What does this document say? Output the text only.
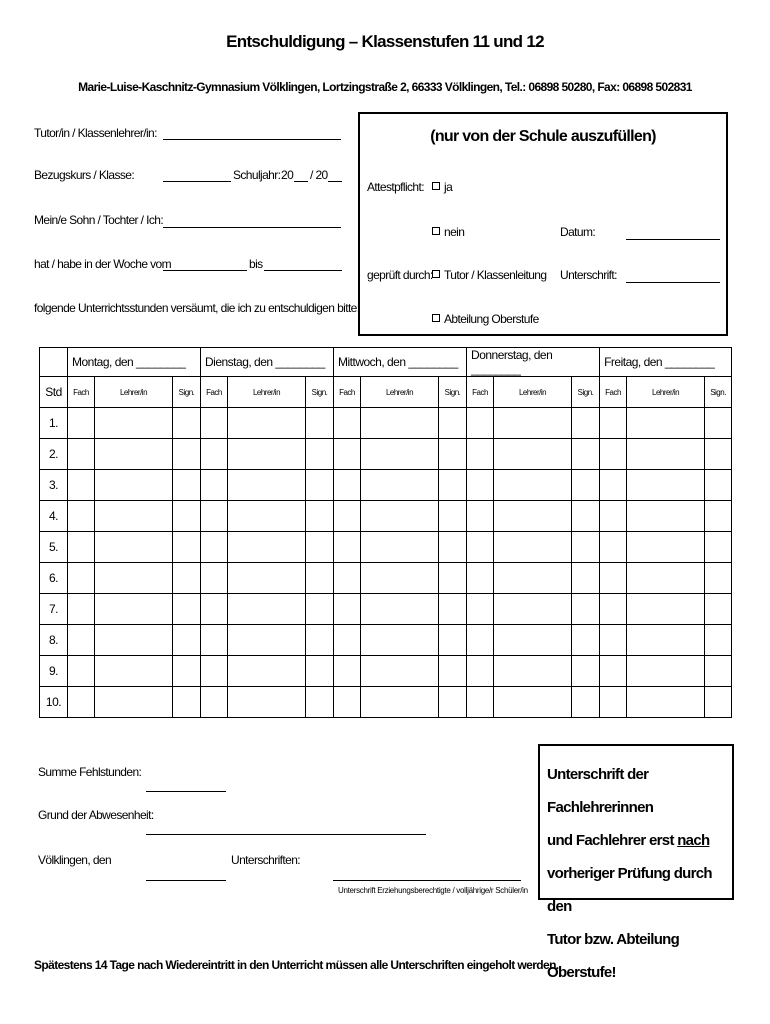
Entschuldigung – Klassenstufen 11 und 12
Marie-Luise-Kaschnitz-Gymnasium Völklingen, Lortzingstraße 2, 66333 Völklingen, Tel.: 06898 50280, Fax: 06898 502831
Tutor/in / Klassenlehrer/in:
Bezugskurs / Klasse:	Schuljahr: 20 / 20
Mein/e Sohn / Tochter / Ich:
hat / habe in der Woche vom	bis
folgende Unterrichtsstunden versäumt, die ich zu entschuldigen bitte:
(nur von der Schule auszufüllen)
Attestpflicht:	ja
nein	Datum:
geprüft durch: Tutor / Klassenleitung Unterschrift:
Abteilung Oberstufe
	Montag, den ________			Dienstag, den ________			Mittwoch, den ________			Donnerstag, den ________			Freitag, den ________		
Std	Fach	Lehrer/in	Sign.	Fach	Lehrer/in	Sign.	Fach	Lehrer/in	Sign.	Fach	Lehrer/in	Sign.	Fach	Lehrer/in	Sign.
1.															
2.															
3.															
4.															
5.															
6.															
7.															
8.															
9.															
10.															
Summe Fehlstunden:
Grund der Abwesenheit:
Völklingen, den	Unterschriften:
Unterschrift Erziehungsberechtigte / volljährige/r Schüler/in
Unterschrift der Fachlehrerinnen
und Fachlehrer erst nach
vorheriger Prüfung durch den
Tutor bzw. Abteilung Oberstufe!
Spätestens 14 Tage nach Wiedereintritt in den Unterricht müssen alle Unterschriften eingeholt werden.
